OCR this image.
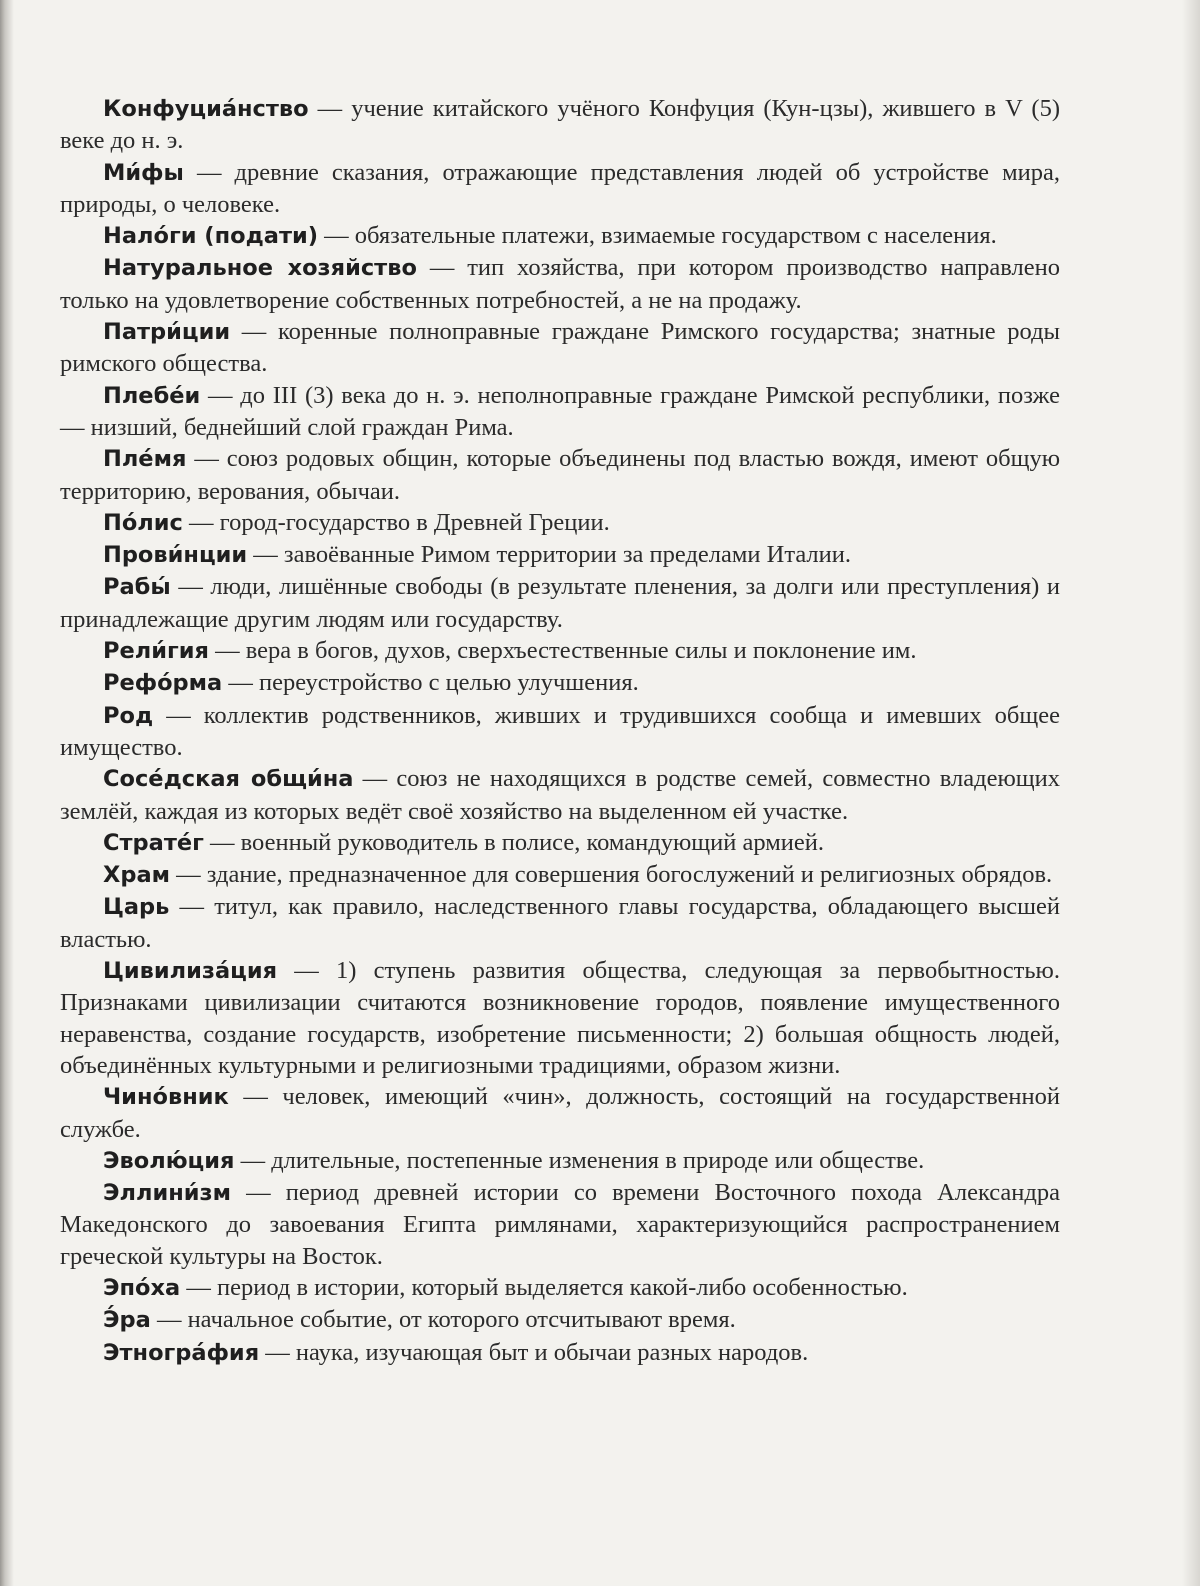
Конфуциа́нство — учение китайского учёного Конфуция (Кун-цзы), жившего в V (5) веке до н. э.

Ми́фы — древние сказания, отражающие представления людей об устройстве мира, природы, о человеке.

Нало́ги (подати) — обязательные платежи, взимаемые государством с населения.

Натуральное хозяйство — тип хозяйства, при котором производство направлено только на удовлетворение собственных потребностей, а не на продажу.

Патри́ции — коренные полноправные граждане Римского государства; знатные роды римского общества.

Плебе́и — до III (3) века до н. э. неполноправные граждане Римской республики, позже — низший, беднейший слой граждан Рима.

Пле́мя — союз родовых общин, которые объединены под властью вождя, имеют общую территорию, верования, обычаи.

По́лис — город-государство в Древней Греции.

Прови́нции — завоёванные Римом территории за пределами Италии.

Рабы́ — люди, лишённые свободы (в результате пленения, за долги или преступления) и принадлежащие другим людям или государству.

Рели́гия — вера в богов, духов, сверхъестественные силы и поклонение им.

Рефо́рма — переустройство с целью улучшения.

Род — коллектив родственников, живших и трудившихся сообща и имевших общее имущество.

Сосе́дская общи́на — союз не находящихся в родстве семей, совместно владеющих землёй, каждая из которых ведёт своё хозяйство на выделенном ей участке.

Страте́г — военный руководитель в полисе, командующий армией.

Храм — здание, предназначенное для совершения богослужений и религиозных обрядов.

Царь — титул, как правило, наследственного главы государства, обладающего высшей властью.

Цивилиза́ция — 1) ступень развития общества, следующая за первобытностью. Признаками цивилизации считаются возникновение городов, появление имущественного неравенства, создание государств, изобретение письменности; 2) большая общность людей, объединённых культурными и религиозными традициями, образом жизни.

Чино́вник — человек, имеющий «чин», должность, состоящий на государственной службе.

Эволю́ция — длительные, постепенные изменения в природе или обществе.

Эллини́зм — период древней истории со времени Восточного похода Александра Македонского до завоевания Египта римлянами, характеризующийся распространением греческой культуры на Восток.

Эпо́ха — период в истории, который выделяется какой-либо особенностью.

Э́ра — начальное событие, от которого отсчитывают время.

Этногра́фия — наука, изучающая быт и обычаи разных народов.
